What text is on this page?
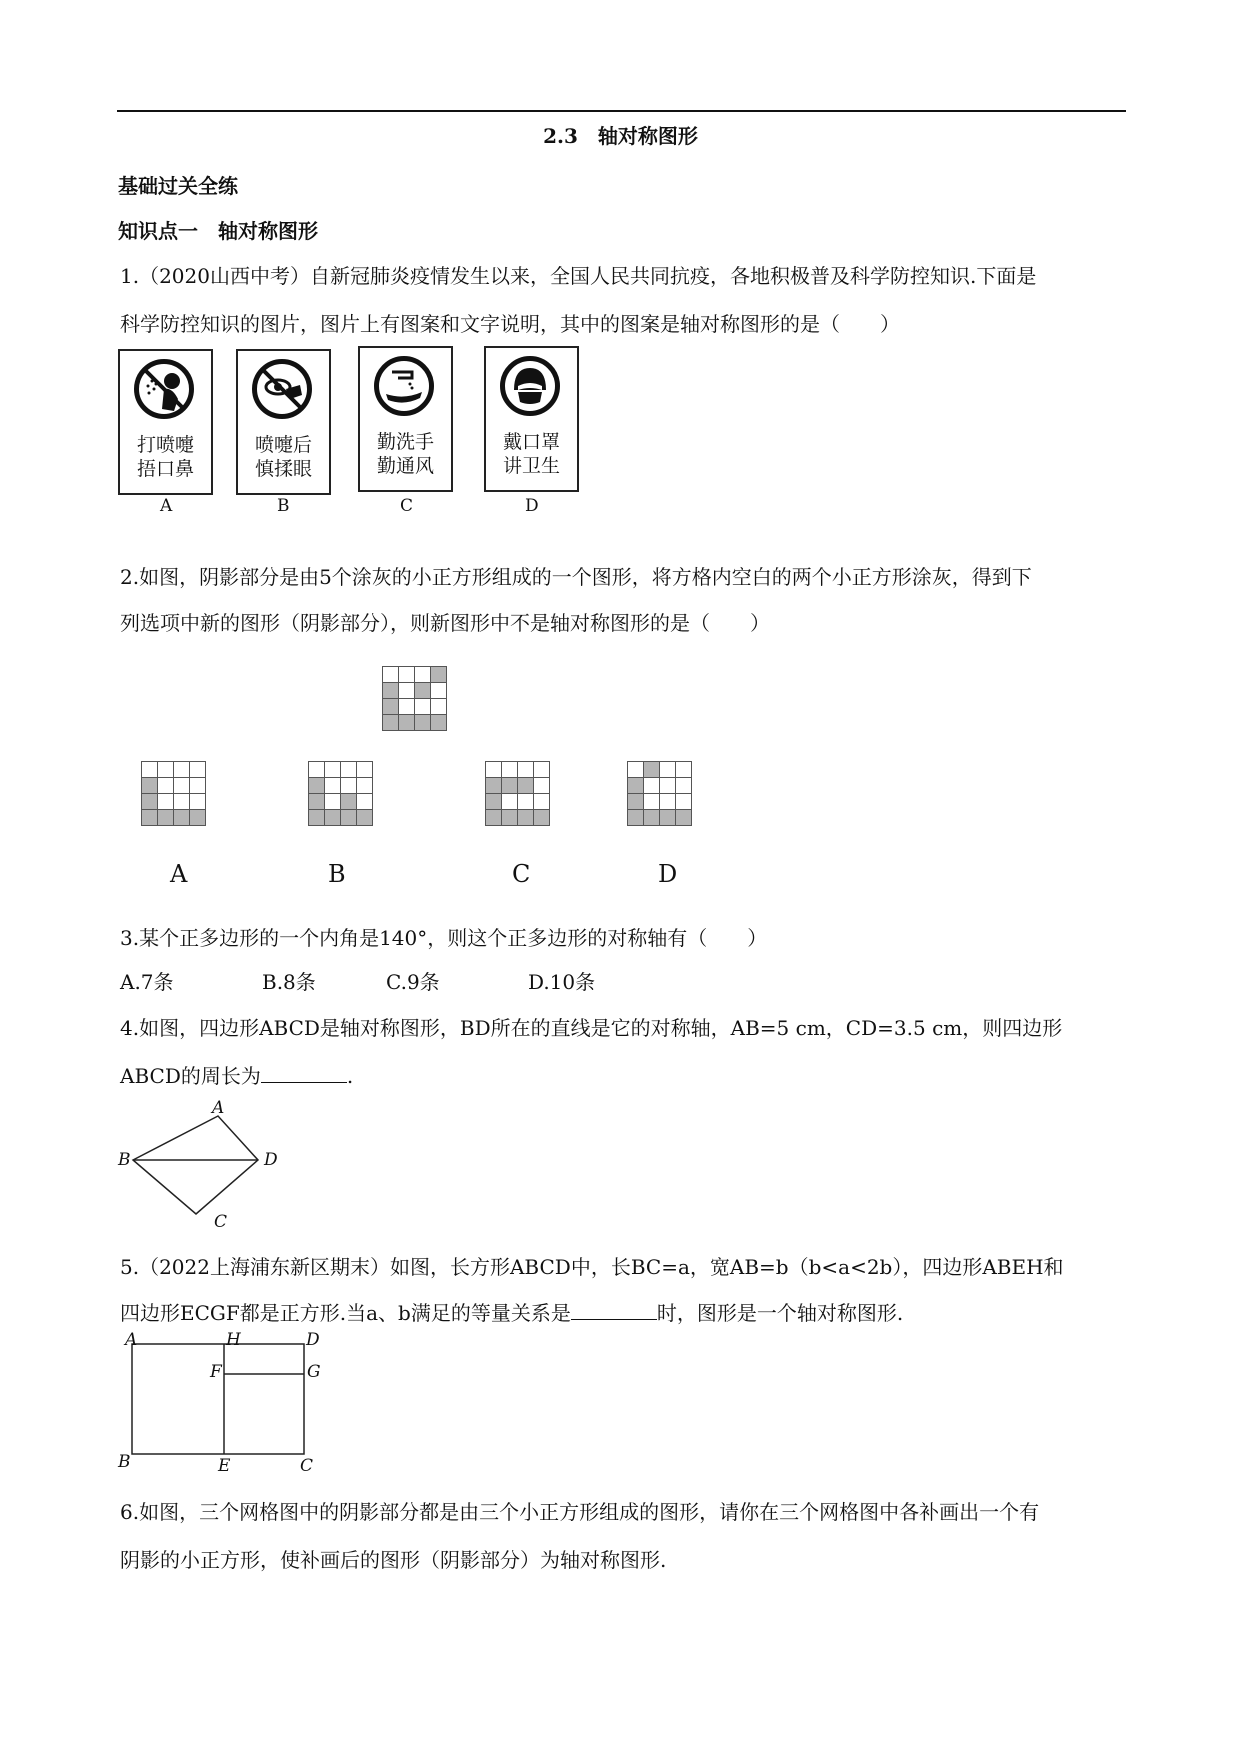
2.3　轴对称图形
基础过关全练
知识点一　轴对称图形
1.（2020山西中考）自新冠肺炎疫情发生以来，全国人民共同抗疫，各地积极普及科学防控知识.下面是
科学防控知识的图片，图片上有图案和文字说明，其中的图案是轴对称图形的是（　　）
打喷嚏
捂口鼻
A
喷嚏后
慎揉眼
B
勤洗手
勤通风
C
戴口罩
讲卫生
D
2.如图，阴影部分是由5个涂灰的小正方形组成的一个图形，将方格内空白的两个小正方形涂灰，得到下
列选项中新的图形（阴影部分），则新图形中不是轴对称图形的是（　　）
A	B	C	D
3.某个正多边形的一个内角是140°，则这个正多边形的对称轴有（　　）
A.7条	B.8条	C.9条	D.10条
4.如图，四边形ABCD是轴对称图形，BD所在的直线是它的对称轴，AB=5 cm，CD=3.5 cm，则四边形
ABCD的周长为	.
A
B	D
C
5.（2022上海浦东新区期末）如图，长方形ABCD中，长BC=a，宽AB=b（b<a<2b），四边形ABEH和
四边形ECGF都是正方形.当a、b满足的等量关系是	时，图形是一个轴对称图形.
A	H	D
F	G
B	E	C
6.如图，三个网格图中的阴影部分都是由三个小正方形组成的图形，请你在三个网格图中各补画出一个有
阴影的小正方形，使补画后的图形（阴影部分）为轴对称图形.
